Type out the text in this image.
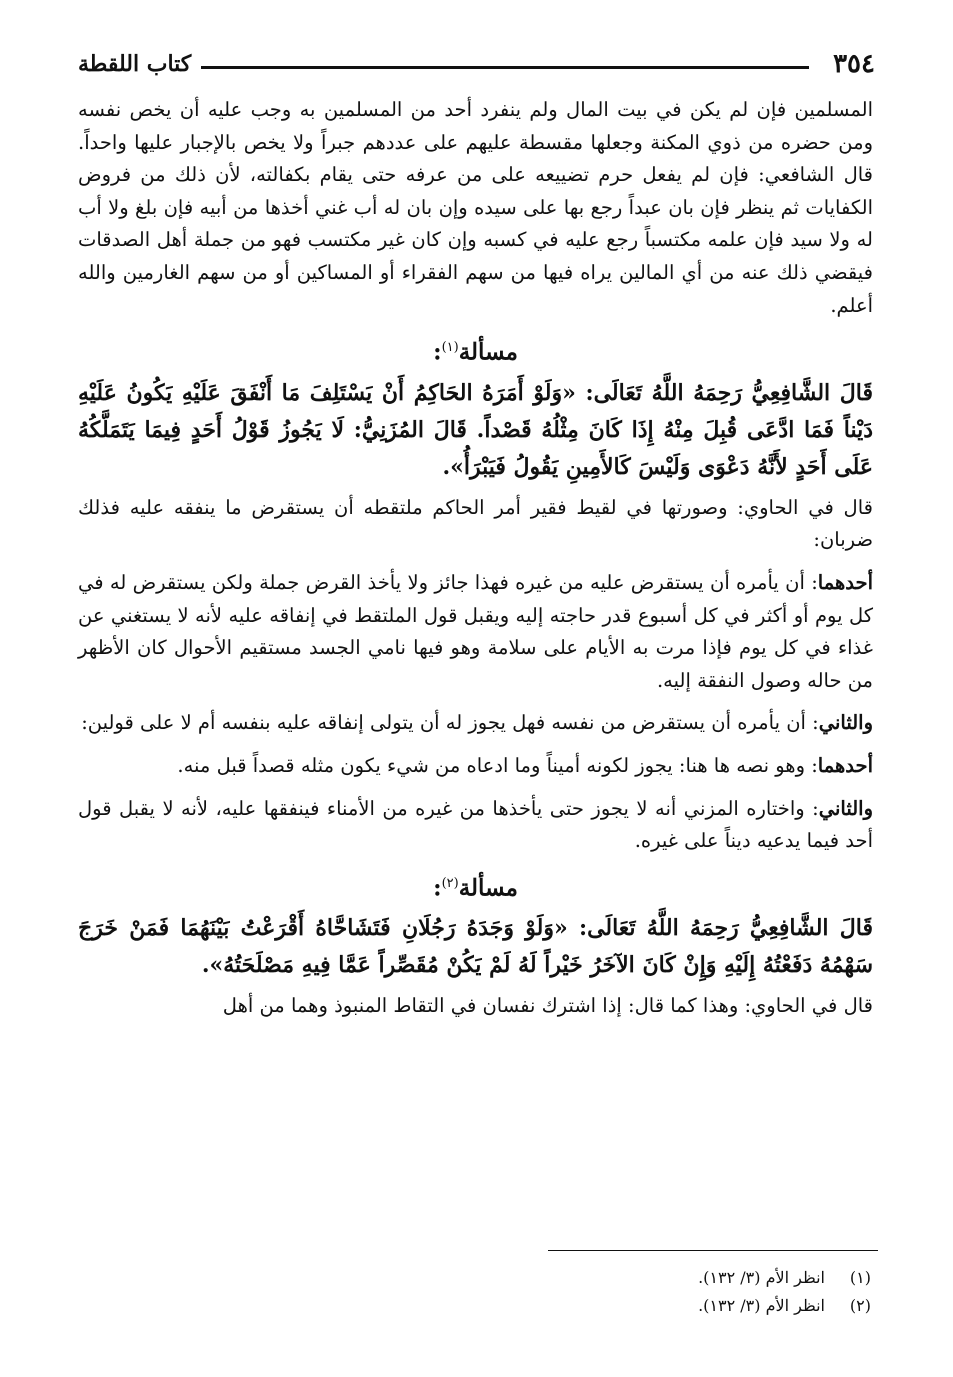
٣٥٤
كتاب اللقطة

المسلمين فإن لم يكن في بيت المال ولم ينفرد أحد من المسلمين به وجب عليه أن يخص نفسه ومن حضره من ذوي المكنة وجعلها مقسطة عليهم على عددهم جبراً ولا يخص بالإجبار عليها واحداً. قال الشافعي: فإن لم يفعل حرم تضييعه على من عرفه حتى يقام بكفالته، لأن ذلك من فروض الكفايات ثم ينظر فإن بان عبداً رجع بها على سيده وإن بان له أب غني أخذها من أبيه فإن بلغ ولا أب له ولا سيد فإن علمه مكتسباً رجع عليه في كسبه وإن كان غير مكتسب فهو من جملة أهل الصدقات فيقضي ذلك عنه من أي المالين يراه فيها من سهم الفقراء أو المساكين أو من سهم الغارمين والله أعلم.

مسألة$^{(١)}$:

قَالَ الشَّافِعِيُّ رَحِمَهُ اللَّهُ تَعَالَى: «وَلَوْ أَمَرَهُ الحَاكِمُ أَنْ يَسْتَلِفَ مَا أَنْفَقَ عَلَيْهِ يَكُونُ عَلَيْهِ دَيْناً فَمَا ادَّعَى قُبِلَ مِنْهُ إِذَا كَانَ مِثْلُهُ قَصْداً. قَالَ المُزَنِيُّ: لَا يَجُوزُ قَوْلُ أَحَدٍ فِيمَا يَتَمَلَّكُهُ عَلَى أَحَدٍ لأَنَّهُ دَعْوَى وَلَيْسَ كَالأَمِينِ يَقُولُ فَيَبْرَأُ».

قال في الحاوي: وصورتها في لقيط فقير أمر الحاكم ملتقطه أن يستقرض ما ينفقه عليه فذلك ضربان:

أحدهما: أن يأمره أن يستقرض عليه من غيره فهذا جائز ولا يأخذ القرض جملة ولكن يستقرض له في كل يوم أو أكثر في كل أسبوع قدر حاجته إليه ويقبل قول الملتقط في إنفاقه عليه لأنه لا يستغني عن غذاء في كل يوم فإذا مرت به الأيام على سلامة وهو فيها نامي الجسد مستقيم الأحوال كان الأظهر من حاله وصول النفقة إليه.

والثاني: أن يأمره أن يستقرض من نفسه فهل يجوز له أن يتولى إنفاقه عليه بنفسه أم لا على قولين:

أحدهما: وهو نصه ها هنا: يجوز لكونه أميناً وما ادعاه من شيء يكون مثله قصداً قبل منه.

والثاني: واختاره المزني أنه لا يجوز حتى يأخذها من غيره من الأمناء فينفقها عليه، لأنه لا يقبل قول أحد فيما يدعيه ديناً على غيره.

مسألة$^{(٢)}$:

قَالَ الشَّافِعِيُّ رَحِمَهُ اللَّهُ تَعَالَى: «وَلَوْ وَجَدَهُ رَجُلَانِ فَتَشَاحَّاهُ أَقْرَعْتُ بَيْنَهُمَا فَمَنْ خَرَجَ سَهْمُهُ دَفَعْتُهُ إِلَيْهِ وَإِنْ كَانَ الآخَرُ خَيْراً لَهُ لَمْ يَكُنْ مُقَصِّراً عَمَّا فِيهِ مَصْلَحَتُهُ».

قال في الحاوي: وهذا كما قال: إذا اشترك نفسان في التقاط المنبوذ وهما من أهل

(١)
انظر الأم (٣/ ١٣٢).
(٢)
انظر الأم (٣/ ١٣٢).
